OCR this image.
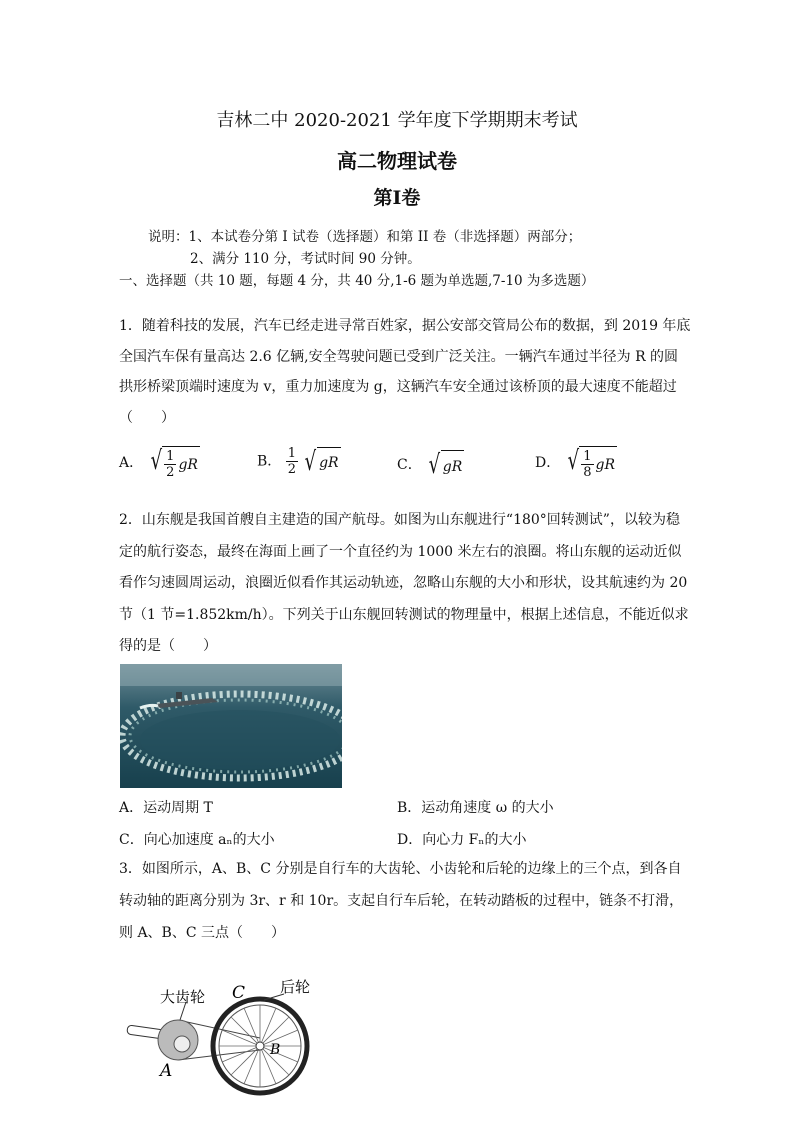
吉林二中 2020-2021 学年度下学期期末考试
高二物理试卷
第Ⅰ卷
说明：1、本试卷分第 I 试卷（选择题）和第 II 卷（非选择题）两部分；
2、满分 110 分，考试时间 90 分钟。
一、选择题（共 10 题，每题 4 分，共 40 分,1-6 题为单选题,7-10 为多选题）
1．随着科技的发展，汽车已经走进寻常百姓家，据公安部交管局公布的数据，到 2019 年底
全国汽车保有量高达 2.6 亿辆,安全驾驶问题已受到广泛关注。一辆汽车通过半径为 R 的圆
拱形桥梁顶端时速度为 v，重力加速度为 g，这辆汽车安全通过该桥顶的最大速度不能超过
（　　）
A． √ $\frac{1}{2}$ gR	B． $\frac{1}{2}$
√ gR	C． √ gR	D． √ $\frac{1}{8}$ gR
2．山东舰是我国首艘自主建造的国产航母。如图为山东舰进行“180°回转测试”，以较为稳
定的航行姿态，最终在海面上画了一个直径约为 1000 米左右的浪圈。将山东舰的运动近似
看作匀速圆周运动，浪圈近似看作其运动轨迹，忽略山东舰的大小和形状，设其航速约为 20
节（1 节=1.852km/h）。下列关于山东舰回转测试的物理量中，根据上述信息，不能近似求
得的是（　　）
A．运动周期 T	B．运动角速度 ω 的大小
C．向心加速度 aₙ的大小	D．向心力 Fₙ的大小
3．如图所示，A、B、C 分别是自行车的大齿轮、小齿轮和后轮的边缘上的三个点，到各自
转动轴的距离分别为 3r、r 和 10r。支起自行车后轮，在转动踏板的过程中，链条不打滑，
则 A、B、C 三点（　　）
大齿轮 C 后轮
B
A
